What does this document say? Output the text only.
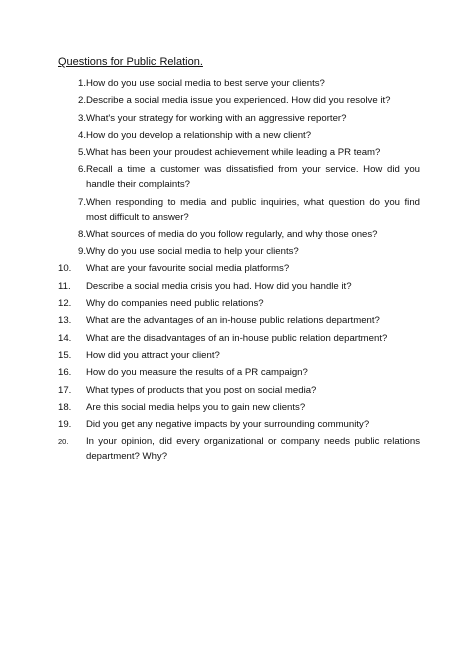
Questions for Public Relation.
1. How do you use social media to best serve your clients?
2. Describe a social media issue you experienced. How did you resolve it?
3. What's your strategy for working with an aggressive reporter?
4. How do you develop a relationship with a new client?
5. What has been your proudest achievement while leading a PR team?
6. Recall a time a customer was dissatisfied from your service. How did you handle their complaints?
7. When responding to media and public inquiries, what question do you find most difficult to answer?
8. What sources of media do you follow regularly, and why those ones?
9. Why do you use social media to help your clients?
10.	What are your favourite social media platforms?
11.	Describe a social media crisis you had. How did you handle it?
12.	Why do companies need public relations?
13.	What are the advantages of an in-house public relations department?
14.	What are the disadvantages of an in-house public relation department?
15.	How did you attract your client?
16.	How do you measure the results of a PR campaign?
17.	What types of products that you post on social media?
18.	Are this social media helps you to gain new clients?
19.	Did you get any negative impacts by your surrounding community?
20.	In your opinion, did every organizational or company needs public relations department? Why?
